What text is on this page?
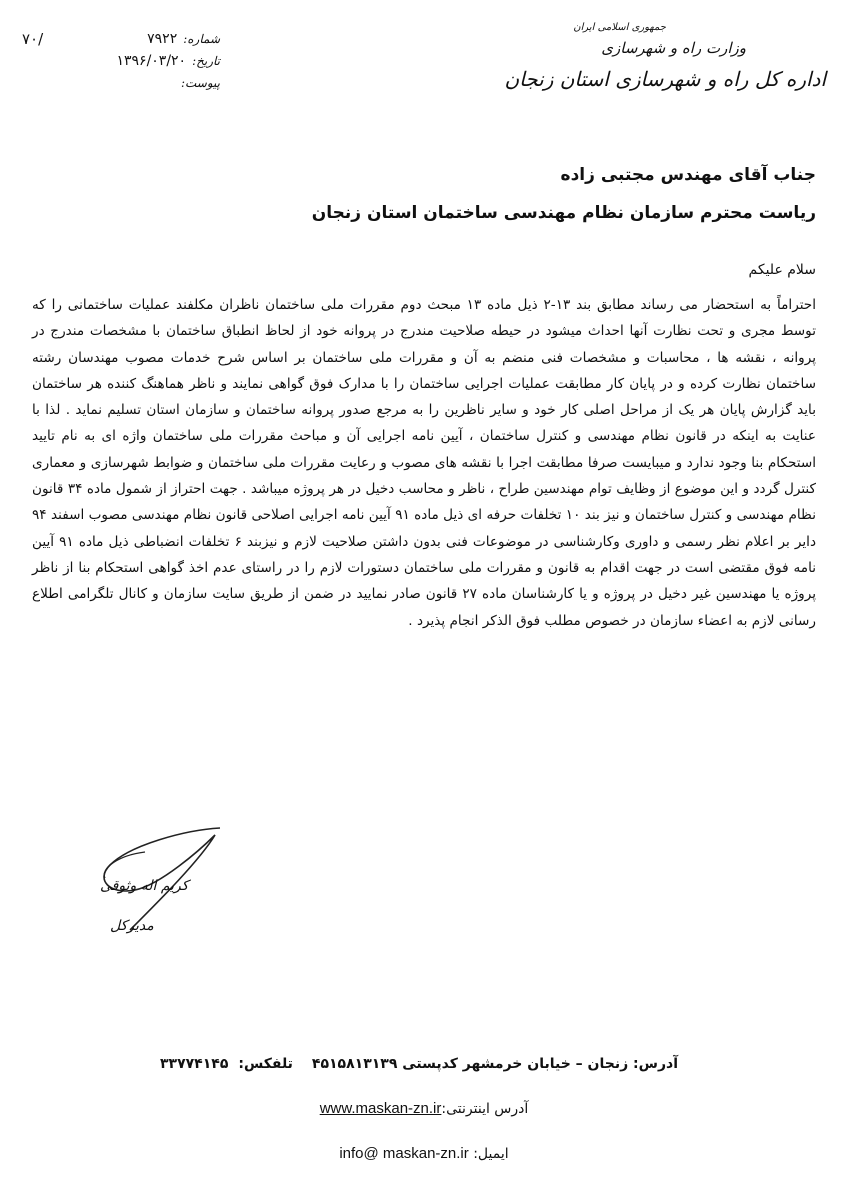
۷۰/	شماره:
۷۹۲۲
تاریخ:
۱۳۹۶/۰۳/۲۰
پیوست:
جمهوری اسلامی ایران
وزارت راه و شهرسازی
اداره کل راه و شهرسازی استان زنجان
جناب آقای مهندس مجتبی زاده
ریاست محترم سازمان نظام مهندسی ساختمان استان زنجان
سلام علیکم
احتراماً به استحضار می رساند مطابق بند ۱۳-۲ ذیل ماده ۱۳ مبحث دوم مقررات ملی ساختمان ناظران مکلفند عملیات ساختمانی را که توسط مجری و تحت نظارت آنها احداث میشود در حیطه صلاحیت مندرج در پروانه خود از لحاظ انطباق ساختمان با مشخصات مندرج در پروانه ، نقشه ها ، محاسبات و مشخصات فنی منضم به آن و مقررات ملی ساختمان بر اساس شرح خدمات مصوب مهندسان رشته ساختمان نظارت کرده و در پایان کار مطابقت عملیات اجرایی ساختمان را با مدارک فوق گواهی نمایند و ناظر هماهنگ کننده هر ساختمان باید گزارش پایان هر یک از مراحل اصلی کار خود و سایر ناظرین را به مرجع صدور پروانه ساختمان و سازمان استان تسلیم نماید . لذا با عنایت به اینکه در قانون نظام مهندسی و کنترل ساختمان ، آیین نامه اجرایی آن و مباحث مقررات ملی ساختمان واژه ای به نام تایید استحکام بنا وجود ندارد و میبایست صرفا مطابقت اجرا با نقشه های مصوب و رعایت مقررات ملی ساختمان و ضوابط شهرسازی و معماری کنترل گردد و این موضوع از وظایف توام مهندسین طراح ، ناظر و محاسب دخیل در هر پروژه میباشد . جهت احتراز از شمول ماده ۳۴ قانون نظام مهندسی و کنترل ساختمان و نیز بند ۱۰ تخلفات حرفه ای ذیل ماده ۹۱ آیین نامه اجرایی اصلاحی قانون نظام مهندسی مصوب اسفند ۹۴ دایر بر اعلام نظر رسمی و داوری وکارشناسی در موضوعات فنی بدون داشتن صلاحیت لازم و نیزبند ۶ تخلفات انضباطی ذیل ماده ۹۱ آیین نامه فوق مقتضی است در جهت اقدام به قانون و مقررات ملی ساختمان دستورات لازم را در راستای عدم اخذ گواهی استحکام بنا از ناظر پروژه یا مهندسین غیر دخیل در پروژه و یا کارشناسان ماده ۲۷ قانون صادر نمایید در ضمن از طریق سایت سازمان و کانال تلگرامی اطلاع رسانی لازم به اعضاء سازمان در خصوص مطلب فوق الذکر انجام پذیرد .
کریم اله وثوقی
مدیرکل
آدرس: زنجان – خیابان خرمشهر کدپستی ۴۵۱۵۸۱۳۱۳۹
تلفکس:
۳۳۷۷۴۱۴۵
آدرس اینترنتی:www.maskan-zn.ir
ایمیل: info@ maskan-zn.ir
